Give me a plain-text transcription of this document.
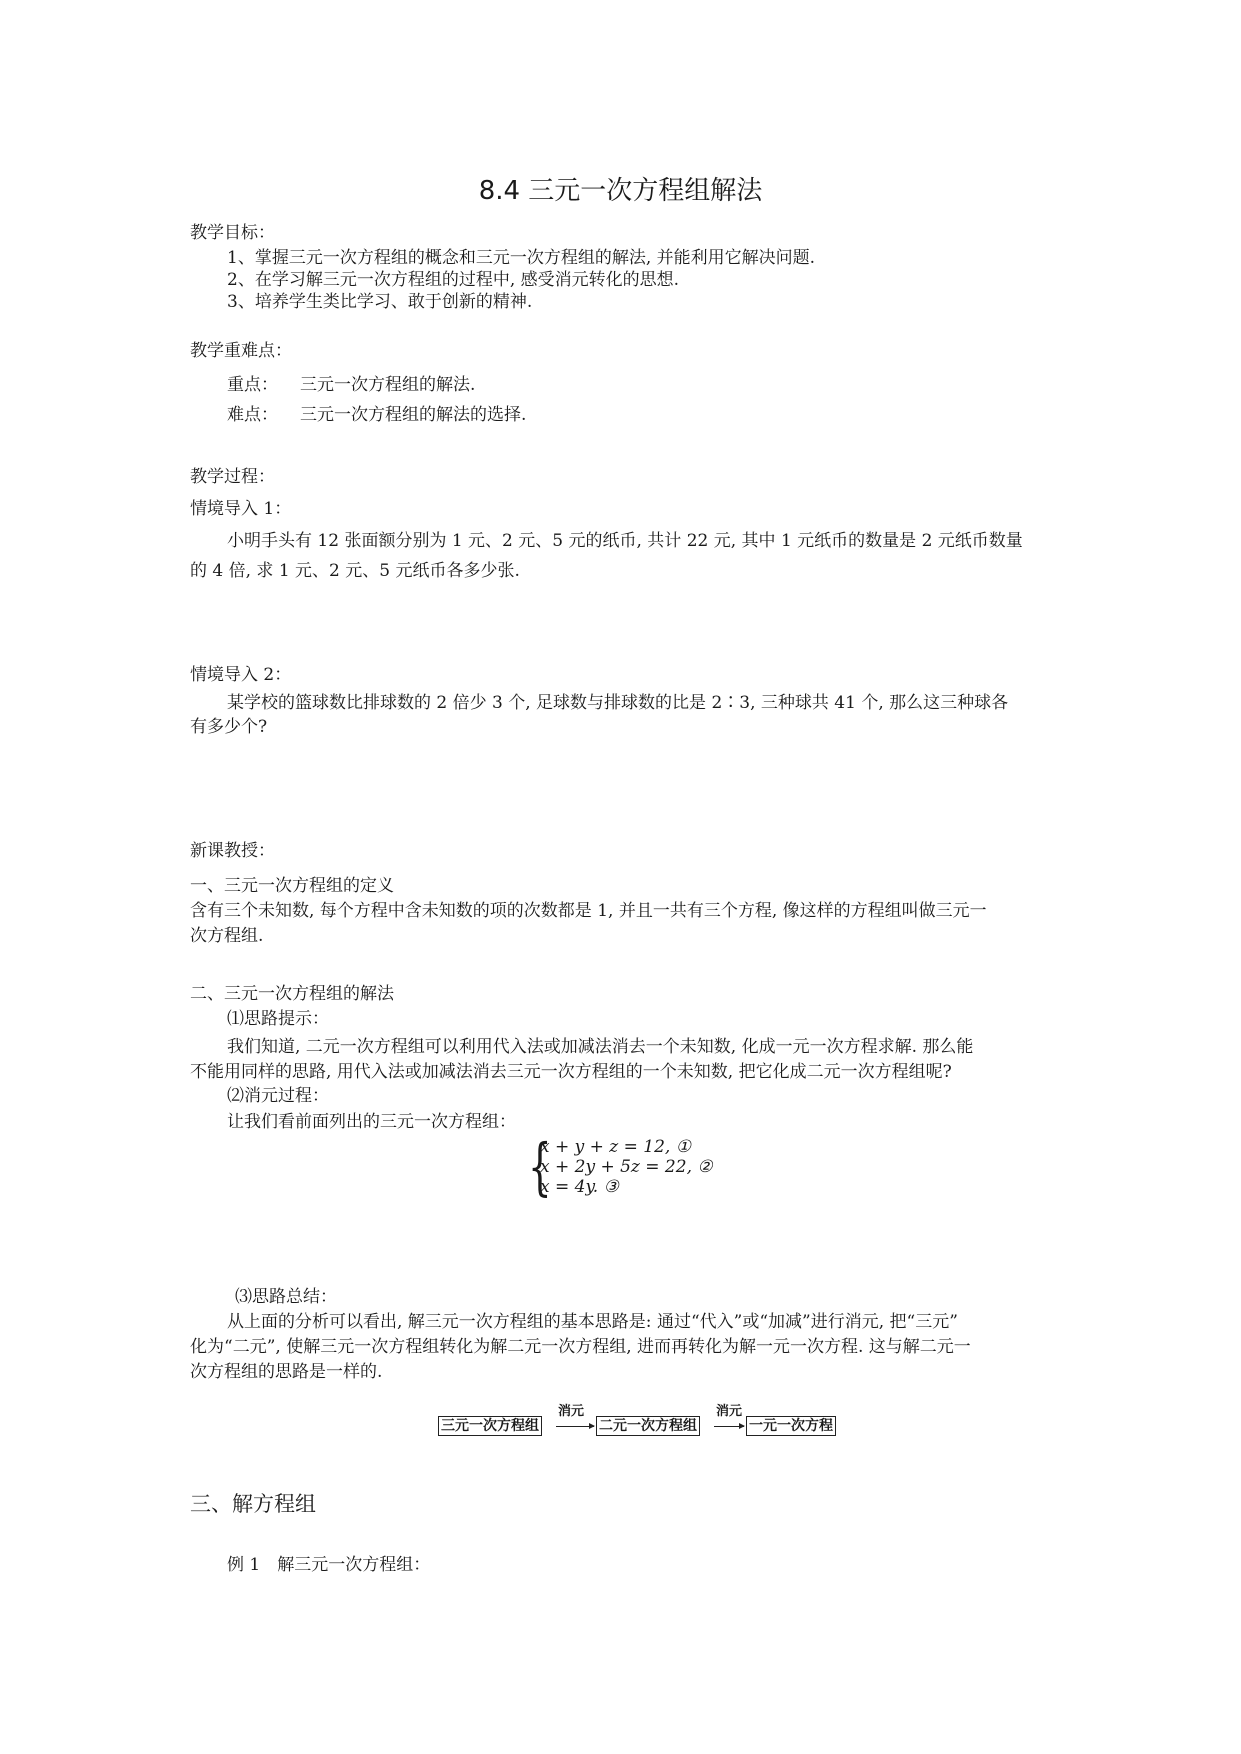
8.4 三元一次方程组解法
教学目标：
1、掌握三元一次方程组的概念和三元一次方程组的解法, 并能利用它解决问题.
2、在学习解三元一次方程组的过程中, 感受消元转化的思想.
3、培养学生类比学习、敢于创新的精神.
教学重难点：
重点： 三元一次方程组的解法.
难点： 三元一次方程组的解法的选择.
教学过程：
情境导入 1：
小明手头有 12 张面额分别为 1 元、2 元、5 元的纸币, 共计 22 元, 其中 1 元纸币的数量是 2 元纸币数量
的 4 倍, 求 1 元、2 元、5 元纸币各多少张.
情境导入 2：
某学校的篮球数比排球数的 2 倍少 3 个, 足球数与排球数的比是 2∶3, 三种球共 41 个, 那么这三种球各
有多少个?
新课教授：
一、三元一次方程组的定义
含有三个未知数, 每个方程中含未知数的项的次数都是 1, 并且一共有三个方程, 像这样的方程组叫做三元一
次方程组.
二、三元一次方程组的解法
⑴思路提示：
我们知道, 二元一次方程组可以利用代入法或加减法消去一个未知数, 化成一元一次方程求解. 那么能
不能用同样的思路, 用代入法或加减法消去三元一次方程组的一个未知数, 把它化成二元一次方程组呢?
⑵消元过程：
让我们看前面列出的三元一次方程组：
{
x + y + z = 12, ①
x + 2y + 5z = 22, ②
x = 4y. ③
⑶思路总结：
从上面的分析可以看出, 解三元一次方程组的基本思路是: 通过“代入”或“加减”进行消元, 把“三元”
化为“二元”, 使解三元一次方程组转化为解二元一次方程组, 进而再转化为解一元一次方程. 这与解二元一
次方程组的思路是一样的.
三元一次方程组
消元
二元一次方程组
消元
一元一次方程
三、解方程组
例 1　解三元一次方程组：
